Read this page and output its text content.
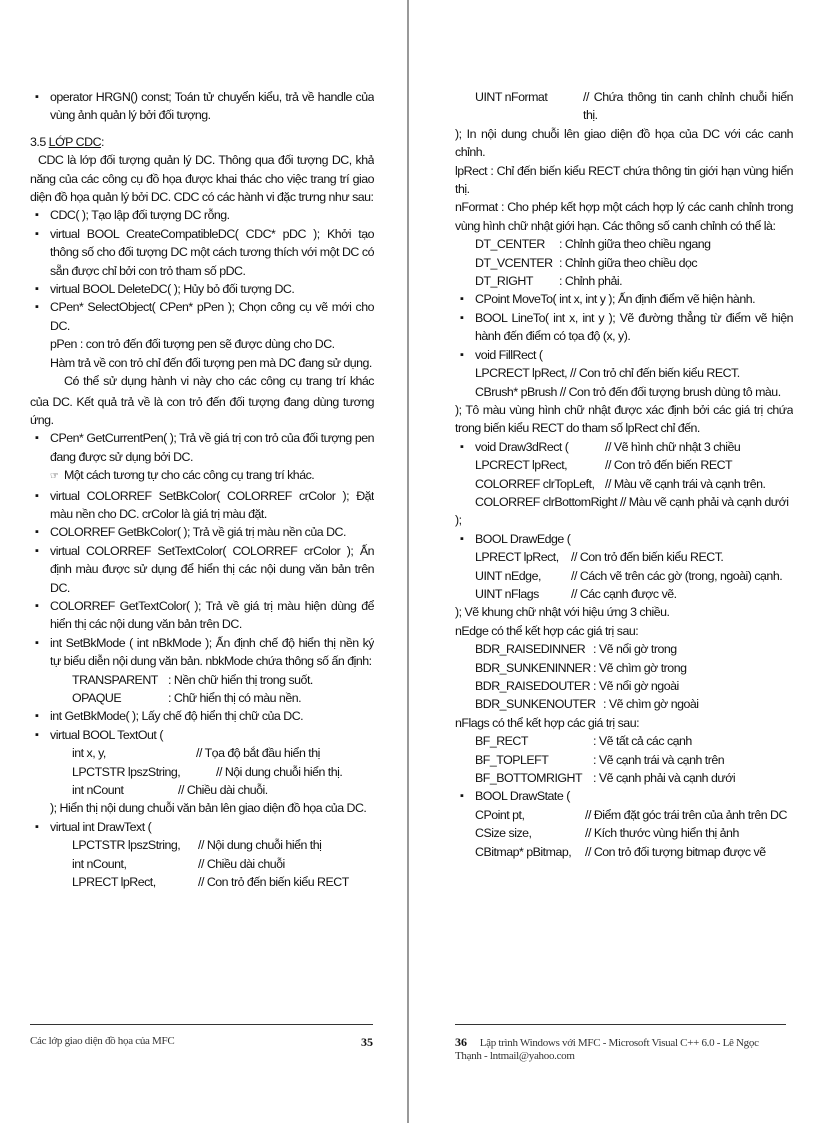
▪ operator HRGN() const; Toán tử chuyển kiểu, trả về handle của vùng ảnh quản lý bởi đối tượng.

3.5 LỚP CDC:

CDC là lớp đối tượng quản lý DC. Thông qua đối tượng DC, khả năng của các công cụ đồ họa được khai thác cho việc trang trí giao diện đồ họa quản lý bởi DC. CDC có các hành vi đặc trưng như sau:

▪ CDC( ); Tạo lập đối tượng DC rỗng.

▪ virtual BOOL CreateCompatibleDC( CDC* pDC ); Khởi tạo thông số cho đối tượng DC một cách tương thích với một DC có sẵn được chỉ bởi con trỏ tham số pDC.

▪ virtual BOOL DeleteDC( ); Hủy bỏ đối tượng DC.

▪ CPen* SelectObject( CPen* pPen ); Chọn công cụ vẽ mới cho DC.

pPen : con trỏ đến đối tượng pen sẽ được dùng cho DC.

Hàm trả về con trỏ chỉ đến đối tượng pen mà DC đang sử dụng.

☞ Có thể sử dụng hành vi này cho các công cụ trang trí khác của DC. Kết quả trả về là con trỏ đến đối tượng đang dùng tương ứng.

▪ CPen* GetCurrentPen( ); Trả về giá trị con trỏ của đối tượng pen đang được sử dụng bởi DC.

☞ Một cách tương tự cho các công cụ trang trí khác.

▪ virtual COLORREF SetBkColor( COLORREF crColor ); Đặt màu nền cho DC. crColor là giá trị màu đặt.

▪ COLORREF GetBkColor( ); Trả về giá trị màu nền của DC.

▪ virtual COLORREF SetTextColor( COLORREF crColor ); Ấn định màu được sử dụng để hiển thị các nội dung văn bản trên DC.

▪ COLORREF GetTextColor( ); Trả về giá trị màu hiện dùng để hiển thị các nội dung văn bản trên DC.

▪ int SetBkMode ( int nBkMode ); Ấn định chế độ hiển thị nền ký tự biểu diễn nội dung văn bản. nbkMode chứa thông số ấn định:

TRANSPARENT : Nền chữ hiển thị trong suốt.

OPAQUE	: Chữ hiển thị có màu nền.

▪ int GetBkMode( ); Lấy chế độ hiển thị chữ của DC.

▪ virtual BOOL TextOut (

int x, y,	// Tọa độ bắt đầu hiển thị

LPCTSTR lpszString,	// Nội dung chuỗi hiển thị.

int nCount	// Chiều dài chuỗi.

); Hiển thị nội dung chuỗi văn bản lên giao diện đồ họa của DC.

▪ virtual int DrawText (

LPCTSTR lpszString,	// Nội dung chuỗi hiển thị

int nCount,	// Chiều dài chuỗi

LPRECT lpRect,	// Con trỏ đến biến kiểu RECT

Các lớp giao diện đồ họa của MFC	35

UINT nFormat	// Chứa thông tin canh chỉnh chuỗi hiển thị.

); In nội dung chuỗi lên giao diện đồ họa của DC với các canh chỉnh.

lpRect : Chỉ đến biến kiểu RECT chứa thông tin giới hạn vùng hiển thị.

nFormat : Cho phép kết hợp một cách hợp lý các canh chỉnh trong vùng hình chữ nhật giới hạn. Các thông số canh chỉnh có thể là:

DT_CENTER	: Chỉnh giữa theo chiều ngang

DT_VCENTER : Chỉnh giữa theo chiều dọc

DT_RIGHT	: Chỉnh phải.

▪ CPoint MoveTo( int x, int y ); Ấn định điểm vẽ hiện hành.

▪ BOOL LineTo( int x, int y ); Vẽ đường thẳng từ điểm vẽ hiện hành đến điểm có tọa độ (x, y).

▪ void FillRect (

LPCRECT lpRect, // Con trỏ chỉ đến biến kiểu RECT.

CBrush* pBrush // Con trỏ đến đối tượng brush dùng tô màu.

); Tô màu vùng hình chữ nhật được xác định bởi các giá trị chứa trong biến kiểu RECT do tham số lpRect chỉ đến.

▪ void Draw3dRect (	// Vẽ hình chữ nhật 3 chiều

LPCRECT lpRect,	// Con trỏ đến biến RECT

COLORREF clrTopLeft, // Màu vẽ cạnh trái và cạnh trên.

COLORREF clrBottomRight // Màu vẽ cạnh phải và cạnh dưới

);

▪ BOOL DrawEdge (

LPRECT lpRect, // Con trỏ đến biến kiểu RECT.

UINT nEdge,	// Cách vẽ trên các gờ (trong, ngoài) cạnh.

UINT nFlags	// Các cạnh được vẽ.

); Vẽ khung chữ nhật với hiệu ứng 3 chiều.

nEdge có thể kết hợp các giá trị sau:

BDR_RAISEDINNER : Vẽ nổi gờ trong

BDR_SUNKENINNER : Vẽ chìm gờ trong

BDR_RAISEDOUTER : Vẽ nổi gờ ngoài

BDR_SUNKENOUTER : Vẽ chìm gờ ngoài

nFlags có thể kết hợp các giá trị sau:

BF_RECT	: Vẽ tất cả các cạnh

BF_TOPLEFT	: Vẽ cạnh trái và cạnh trên

BF_BOTTOMRIGHT : Vẽ cạnh phải và cạnh dưới

▪ BOOL DrawState (

CPoint pt,	// Điểm đặt góc trái trên của ảnh trên DC

CSize size,	// Kích thước vùng hiển thị ảnh

CBitmap* pBitmap,	// Con trỏ đối tượng bitmap được vẽ

36 Lập trình Windows với MFC - Microsoft Visual C++ 6.0 - Lê Ngọc Thạnh - lntmail@yahoo.com
